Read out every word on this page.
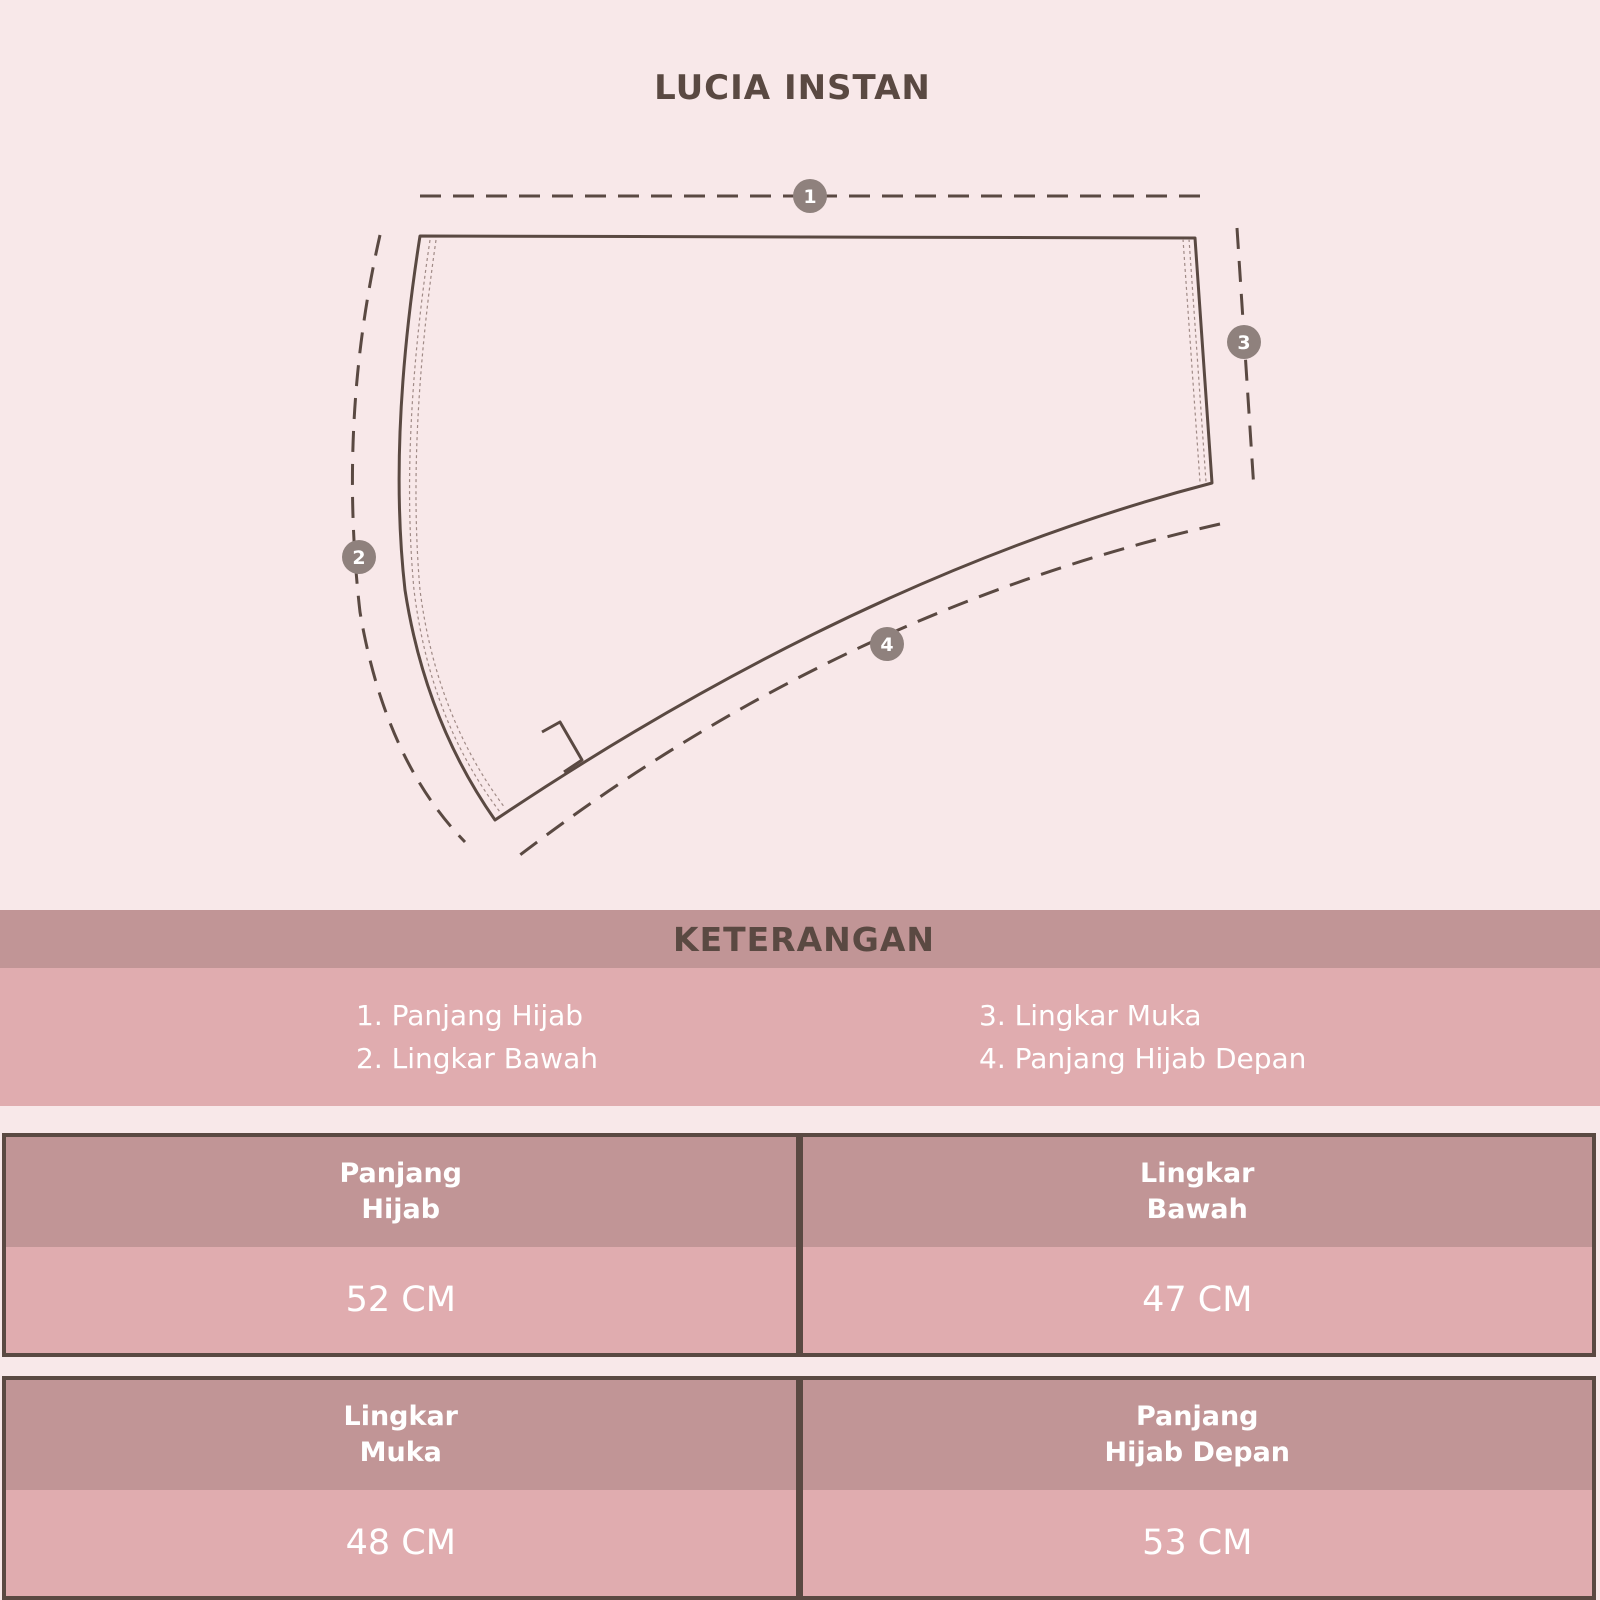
LUCIA INSTAN
1
2
3
4
KETERANGAN
1. Panjang Hijab
2. Lingkar Bawah
3. Lingkar Muka
4. Panjang Hijab Depan
Panjang
Hijab
52 CM
Lingkar
Bawah
47 CM
Lingkar
Muka
48 CM
Panjang
Hijab Depan
53 CM
